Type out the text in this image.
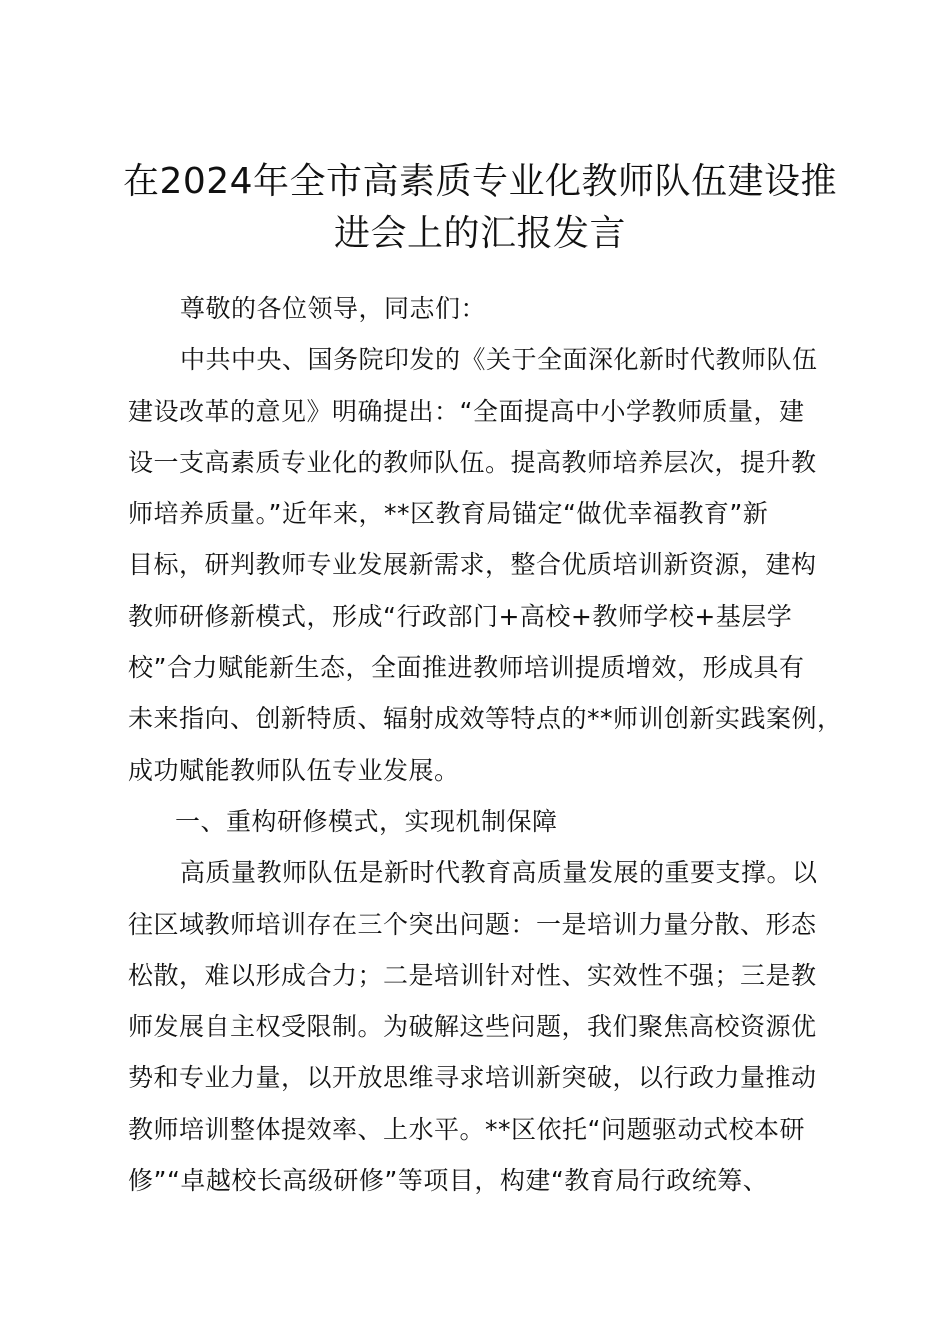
在2024年全市高素质专业化教师队伍建设推
进会上的汇报发言
尊敬的各位领导，同志们：
中共中央、国务院印发的《关于全面深化新时代教师队伍
建设改革的意见》明确提出：“全面提高中小学教师质量，建
设一支高素质专业化的教师队伍。提高教师培养层次，提升教
师培养质量。”近年来，**区教育局锚定“做优幸福教育”新
目标，研判教师专业发展新需求，整合优质培训新资源，建构
教师研修新模式，形成“行政部门+高校+教师学校+基层学
校”合力赋能新生态，全面推进教师培训提质增效，形成具有
未来指向、创新特质、辐射成效等特点的**师训创新实践案例，
成功赋能教师队伍专业发展。
一、重构研修模式，实现机制保障
高质量教师队伍是新时代教育高质量发展的重要支撑。以
往区域教师培训存在三个突出问题：一是培训力量分散、形态
松散，难以形成合力；二是培训针对性、实效性不强；三是教
师发展自主权受限制。为破解这些问题，我们聚焦高校资源优
势和专业力量，以开放思维寻求培训新突破，以行政力量推动
教师培训整体提效率、上水平。**区依托“问题驱动式校本研
修”“卓越校长高级研修”等项目，构建“教育局行政统筹、
